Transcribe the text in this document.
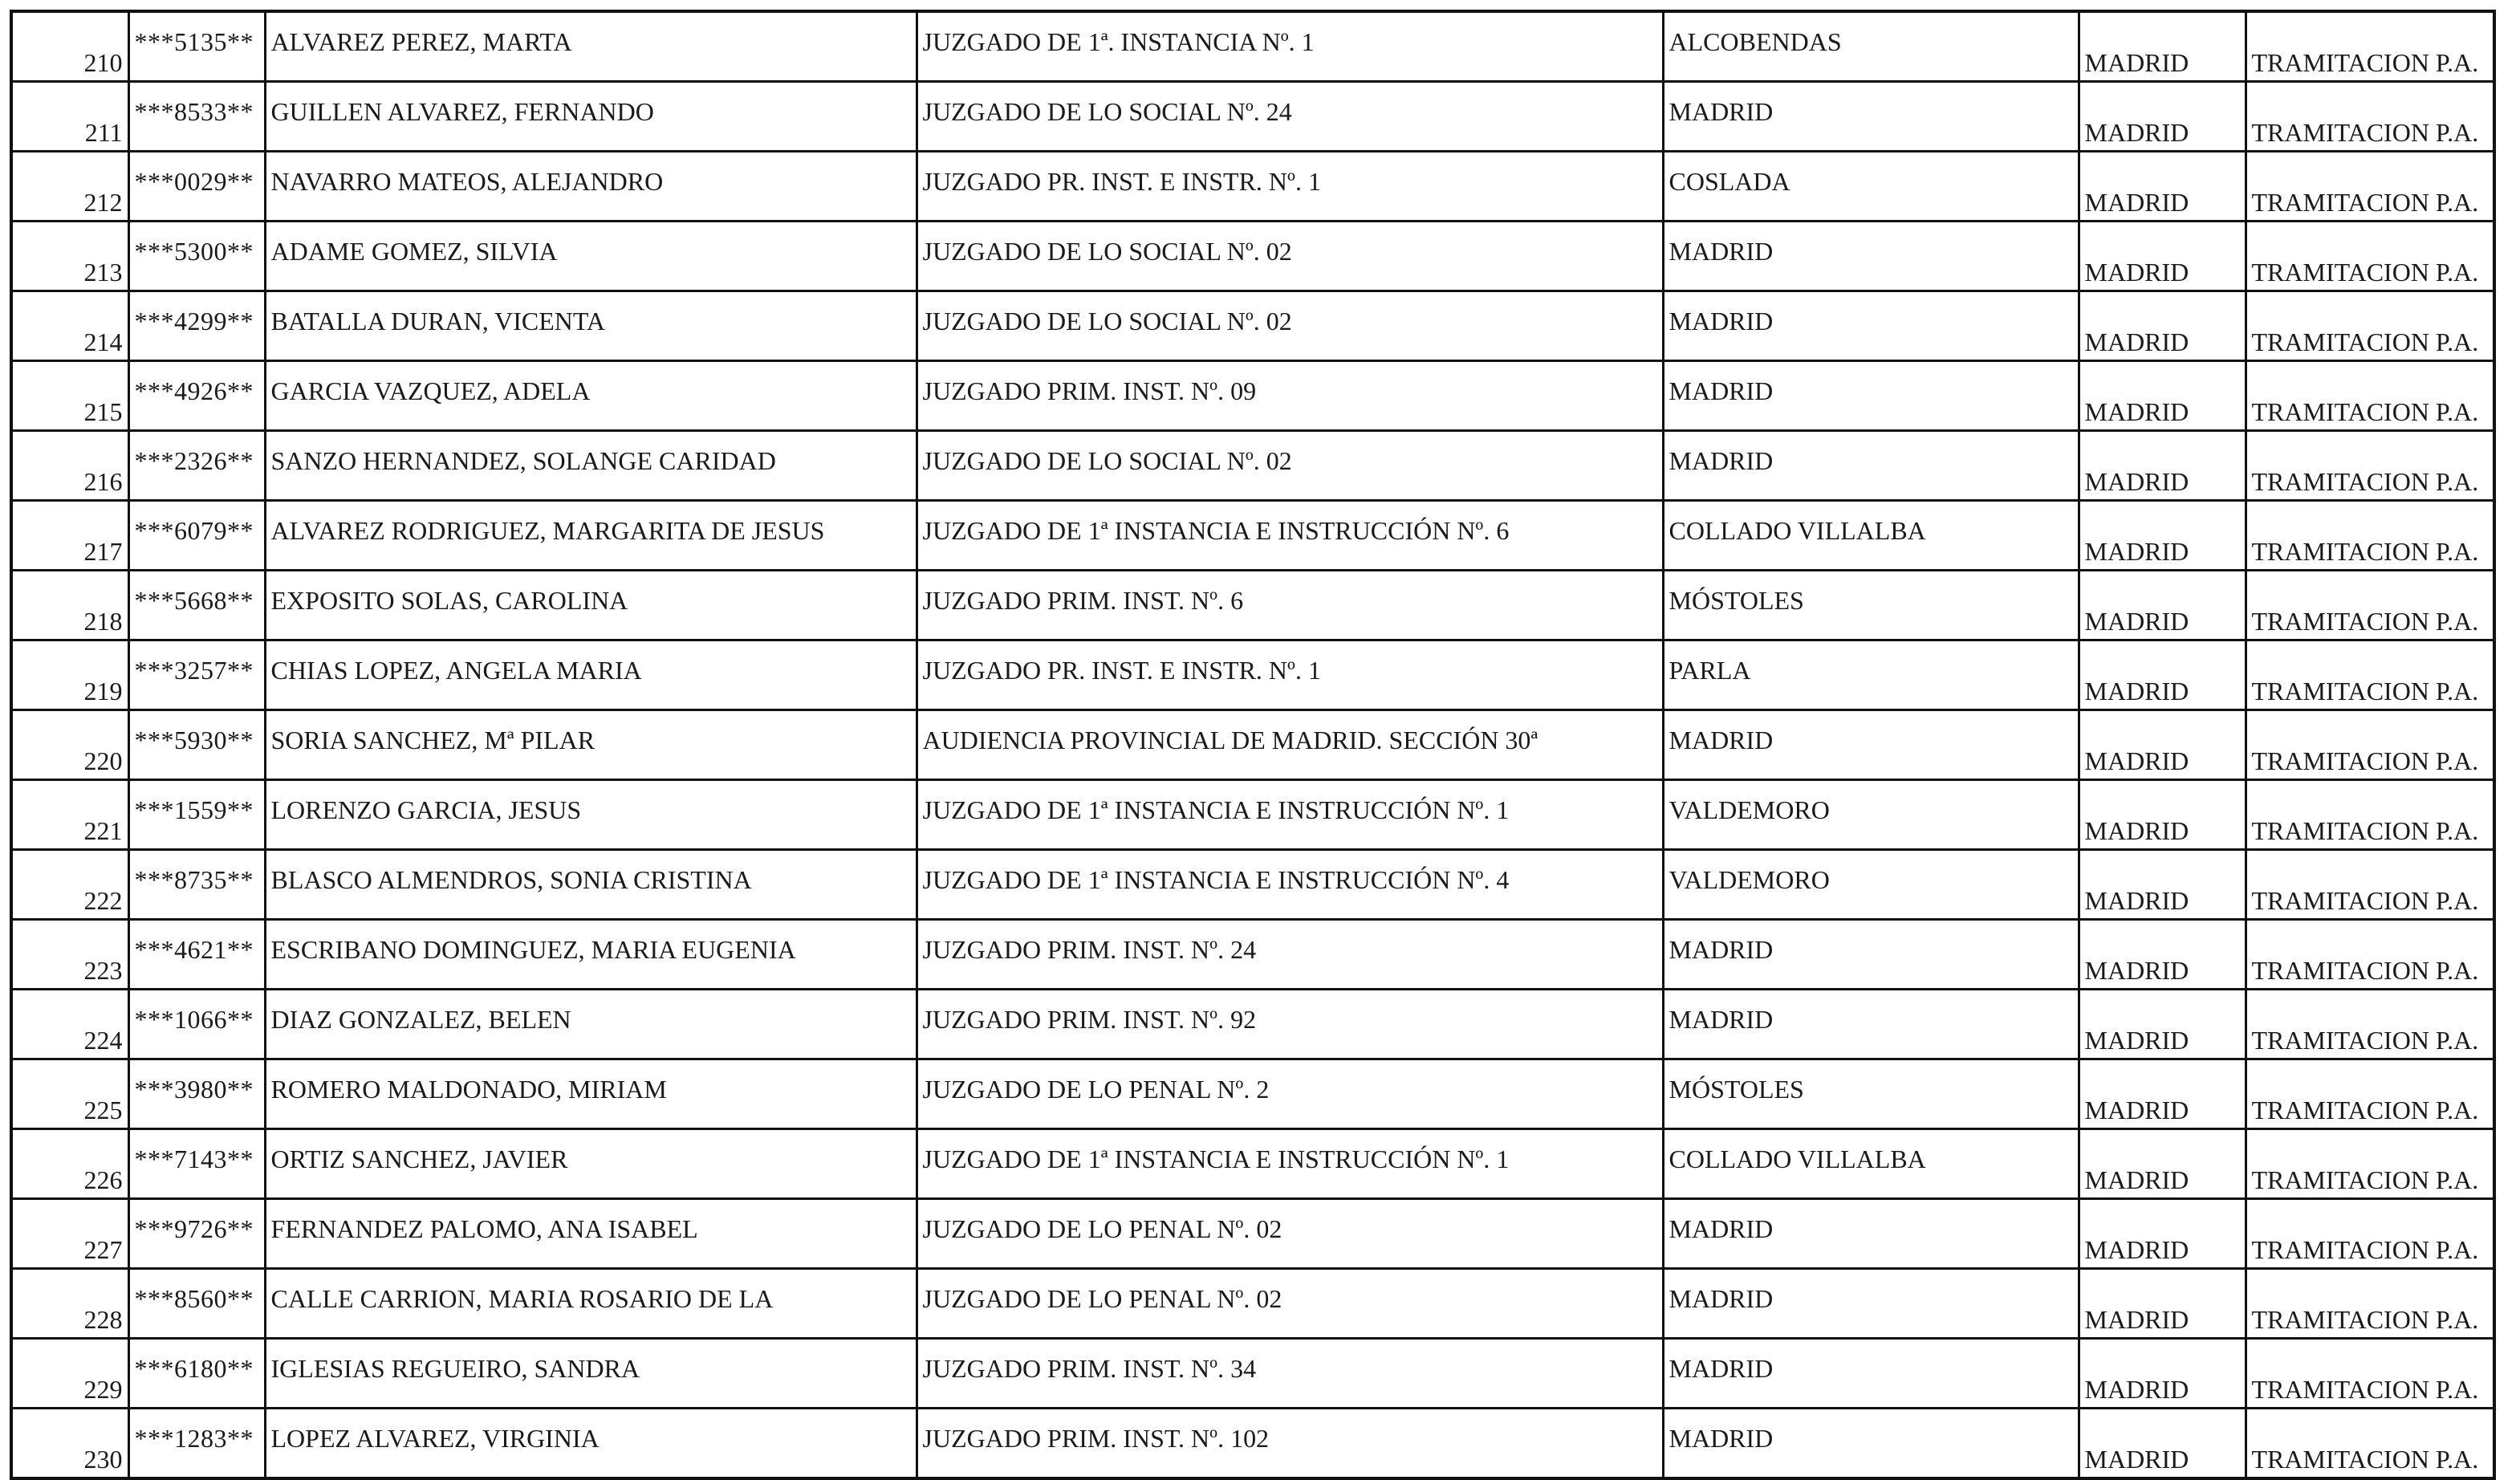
210	***5135**	ALVAREZ PEREZ, MARTA	JUZGADO DE 1ª. INSTANCIA Nº. 1	ALCOBENDAS	MADRID	TRAMITACION P.A.
211	***8533**	GUILLEN ALVAREZ, FERNANDO	JUZGADO DE LO SOCIAL Nº. 24	MADRID	MADRID	TRAMITACION P.A.
212	***0029**	NAVARRO MATEOS, ALEJANDRO	JUZGADO PR. INST. E INSTR. Nº. 1	COSLADA	MADRID	TRAMITACION P.A.
213	***5300**	ADAME GOMEZ, SILVIA	JUZGADO DE LO SOCIAL Nº. 02	MADRID	MADRID	TRAMITACION P.A.
214	***4299**	BATALLA DURAN, VICENTA	JUZGADO DE LO SOCIAL Nº. 02	MADRID	MADRID	TRAMITACION P.A.
215	***4926**	GARCIA VAZQUEZ, ADELA	JUZGADO PRIM. INST. Nº. 09	MADRID	MADRID	TRAMITACION P.A.
216	***2326**	SANZO HERNANDEZ, SOLANGE CARIDAD	JUZGADO DE LO SOCIAL Nº. 02	MADRID	MADRID	TRAMITACION P.A.
217	***6079**	ALVAREZ RODRIGUEZ, MARGARITA DE JESUS	JUZGADO DE 1ª INSTANCIA E INSTRUCCIÓN Nº. 6	COLLADO VILLALBA	MADRID	TRAMITACION P.A.
218	***5668**	EXPOSITO SOLAS, CAROLINA	JUZGADO PRIM. INST. Nº. 6	MÓSTOLES	MADRID	TRAMITACION P.A.
219	***3257**	CHIAS LOPEZ, ANGELA MARIA	JUZGADO PR. INST. E INSTR. Nº. 1	PARLA	MADRID	TRAMITACION P.A.
220	***5930**	SORIA SANCHEZ, Mª PILAR	AUDIENCIA PROVINCIAL DE MADRID. SECCIÓN 30ª	MADRID	MADRID	TRAMITACION P.A.
221	***1559**	LORENZO GARCIA, JESUS	JUZGADO DE 1ª INSTANCIA E INSTRUCCIÓN Nº. 1	VALDEMORO	MADRID	TRAMITACION P.A.
222	***8735**	BLASCO ALMENDROS, SONIA CRISTINA	JUZGADO DE 1ª INSTANCIA E INSTRUCCIÓN Nº. 4	VALDEMORO	MADRID	TRAMITACION P.A.
223	***4621**	ESCRIBANO DOMINGUEZ, MARIA EUGENIA	JUZGADO PRIM. INST. Nº. 24	MADRID	MADRID	TRAMITACION P.A.
224	***1066**	DIAZ GONZALEZ, BELEN	JUZGADO PRIM. INST. Nº. 92	MADRID	MADRID	TRAMITACION P.A.
225	***3980**	ROMERO MALDONADO, MIRIAM	JUZGADO DE LO PENAL Nº. 2	MÓSTOLES	MADRID	TRAMITACION P.A.
226	***7143**	ORTIZ SANCHEZ, JAVIER	JUZGADO DE 1ª INSTANCIA E INSTRUCCIÓN Nº. 1	COLLADO VILLALBA	MADRID	TRAMITACION P.A.
227	***9726**	FERNANDEZ PALOMO, ANA ISABEL	JUZGADO DE LO PENAL Nº. 02	MADRID	MADRID	TRAMITACION P.A.
228	***8560**	CALLE CARRION, MARIA ROSARIO DE LA	JUZGADO DE LO PENAL Nº. 02	MADRID	MADRID	TRAMITACION P.A.
229	***6180**	IGLESIAS REGUEIRO, SANDRA	JUZGADO PRIM. INST. Nº. 34	MADRID	MADRID	TRAMITACION P.A.
230	***1283**	LOPEZ ALVAREZ, VIRGINIA	JUZGADO PRIM. INST. Nº. 102	MADRID	MADRID	TRAMITACION P.A.
